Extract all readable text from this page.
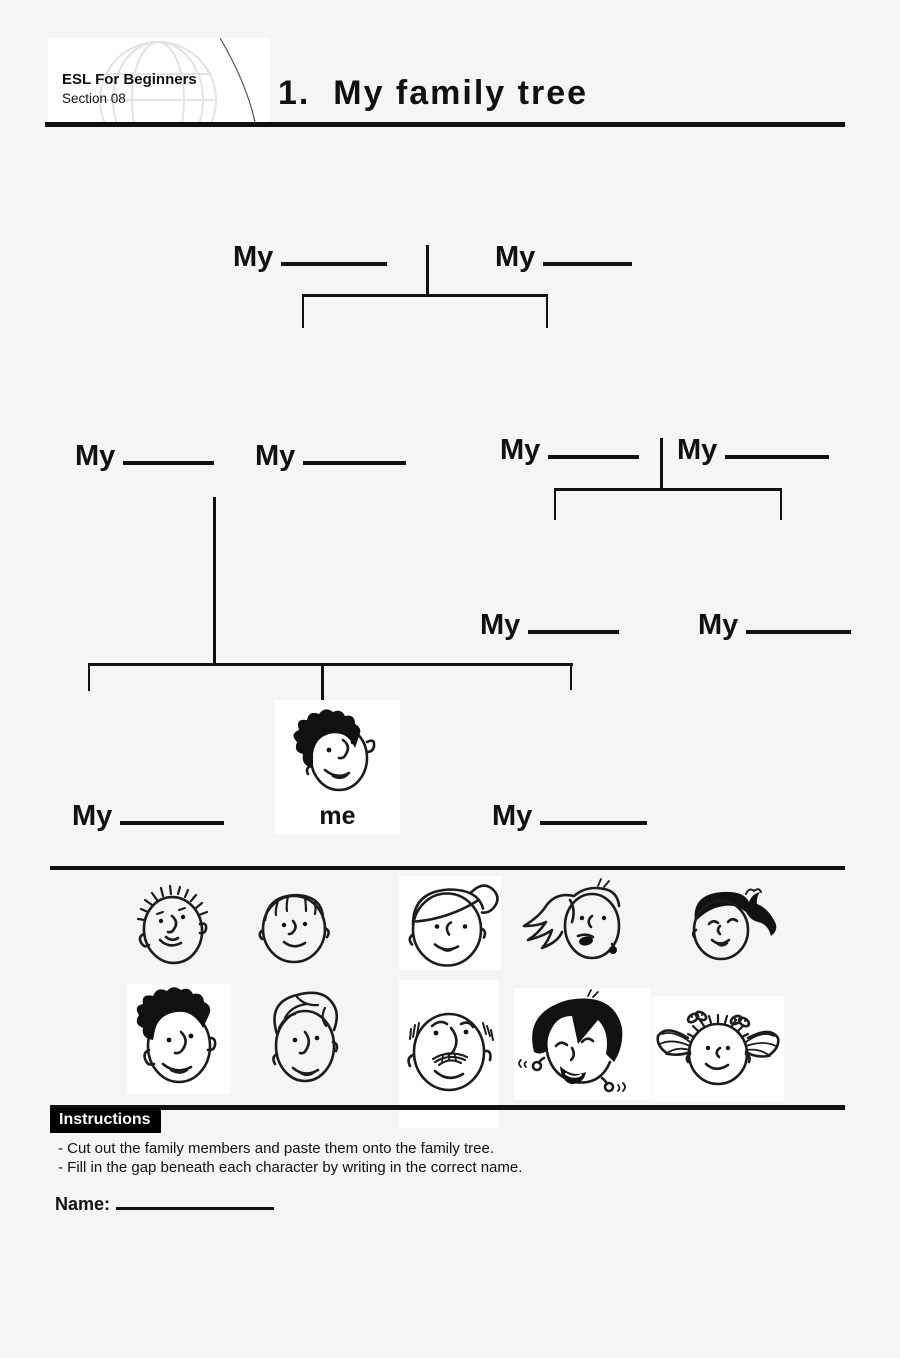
ESL For Beginners
Section 08	1.  My family tree
My	My
My	My	My	My
My	My
My	My
me
Instructions
- Cut out the family members and paste them onto the family tree.
- Fill in the gap beneath each character by writing in the correct name.
Name:
